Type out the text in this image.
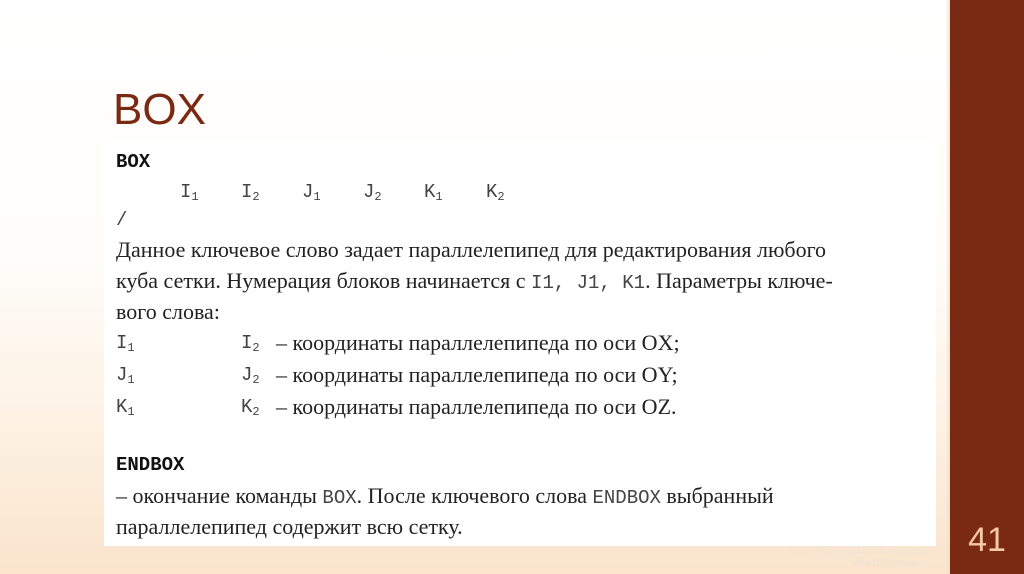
41
BOX
BOX
$I_1$ $I_2$ $J_1$ $J_2$ $K_1$ $K_2$
/
Данное ключевое слово задает параллелепипед для редактирования любого
куба сетки. Нумерация блоков начинается с I1, J1, K1. Параметры ключе-
вого слова:
$I_1$	$I_2$ – координаты параллелепипеда по оси OX;
$J_1$	$J_2$ – координаты параллелепипеда по оси OY;
$K_1$	$K_2$ – координаты параллелепипеда по оси OZ.
ENDBOX
– окончание команды BOX. После ключевого слова ENDBOX выбранный
параллелепипед содержит всю сетку.
тел. 8(912)9244778 эл.почта
inna10@inbox.ru
